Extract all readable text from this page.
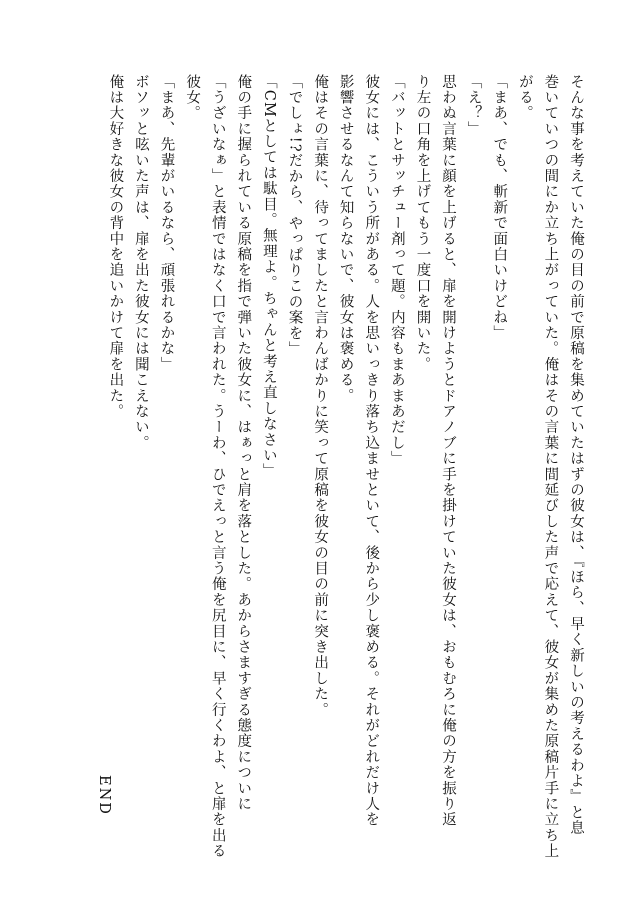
そんな事を考えていた俺の目の前で原稿を集めていたはずの彼女は、『ほら、早く新しいの考えるわよ』と息
巻いていつの間にか立ち上がっていた。俺はその言葉に間延びした声で応えて、彼女が集めた原稿片手に立ち上
がる。
「まあ、でも、斬新で面白いけどね」
「え？」
思わぬ言葉に顔を上げると、扉を開けようとドアノブに手を掛けていた彼女は、おもむろに俺の方を振り返
り左の口角を上げてもう一度口を開いた。
「バットとサッチュー剤って題。内容もまあまあだし」
彼女には、こういう所がある。人を思いっきり落ち込ませといて、後から少し褒める。それがどれだけ人を
影響させるなんて知らないで、彼女は褒める。
俺はその言葉に、待ってましたと言わんばかりに笑って原稿を彼女の目の前に突き出した。
「でしょ!?だから、やっぱりこの案を」
「CMとしては駄目。無理よ。ちゃんと考え直しなさい」
俺の手に握られている原稿を指で弾いた彼女に、はぁっと肩を落とした。あからさますぎる態度についに
「うざいなぁ」と表情ではなく口で言われた。うーわ、ひでえっと言う俺を尻目に、早く行くわよ、と扉を出る
彼女。
「まあ、先輩がいるなら、頑張れるかな」
ボソッと呟いた声は、扉を出た彼女には聞こえない。
俺は大好きな彼女の背中を追いかけて扉を出た。
END
